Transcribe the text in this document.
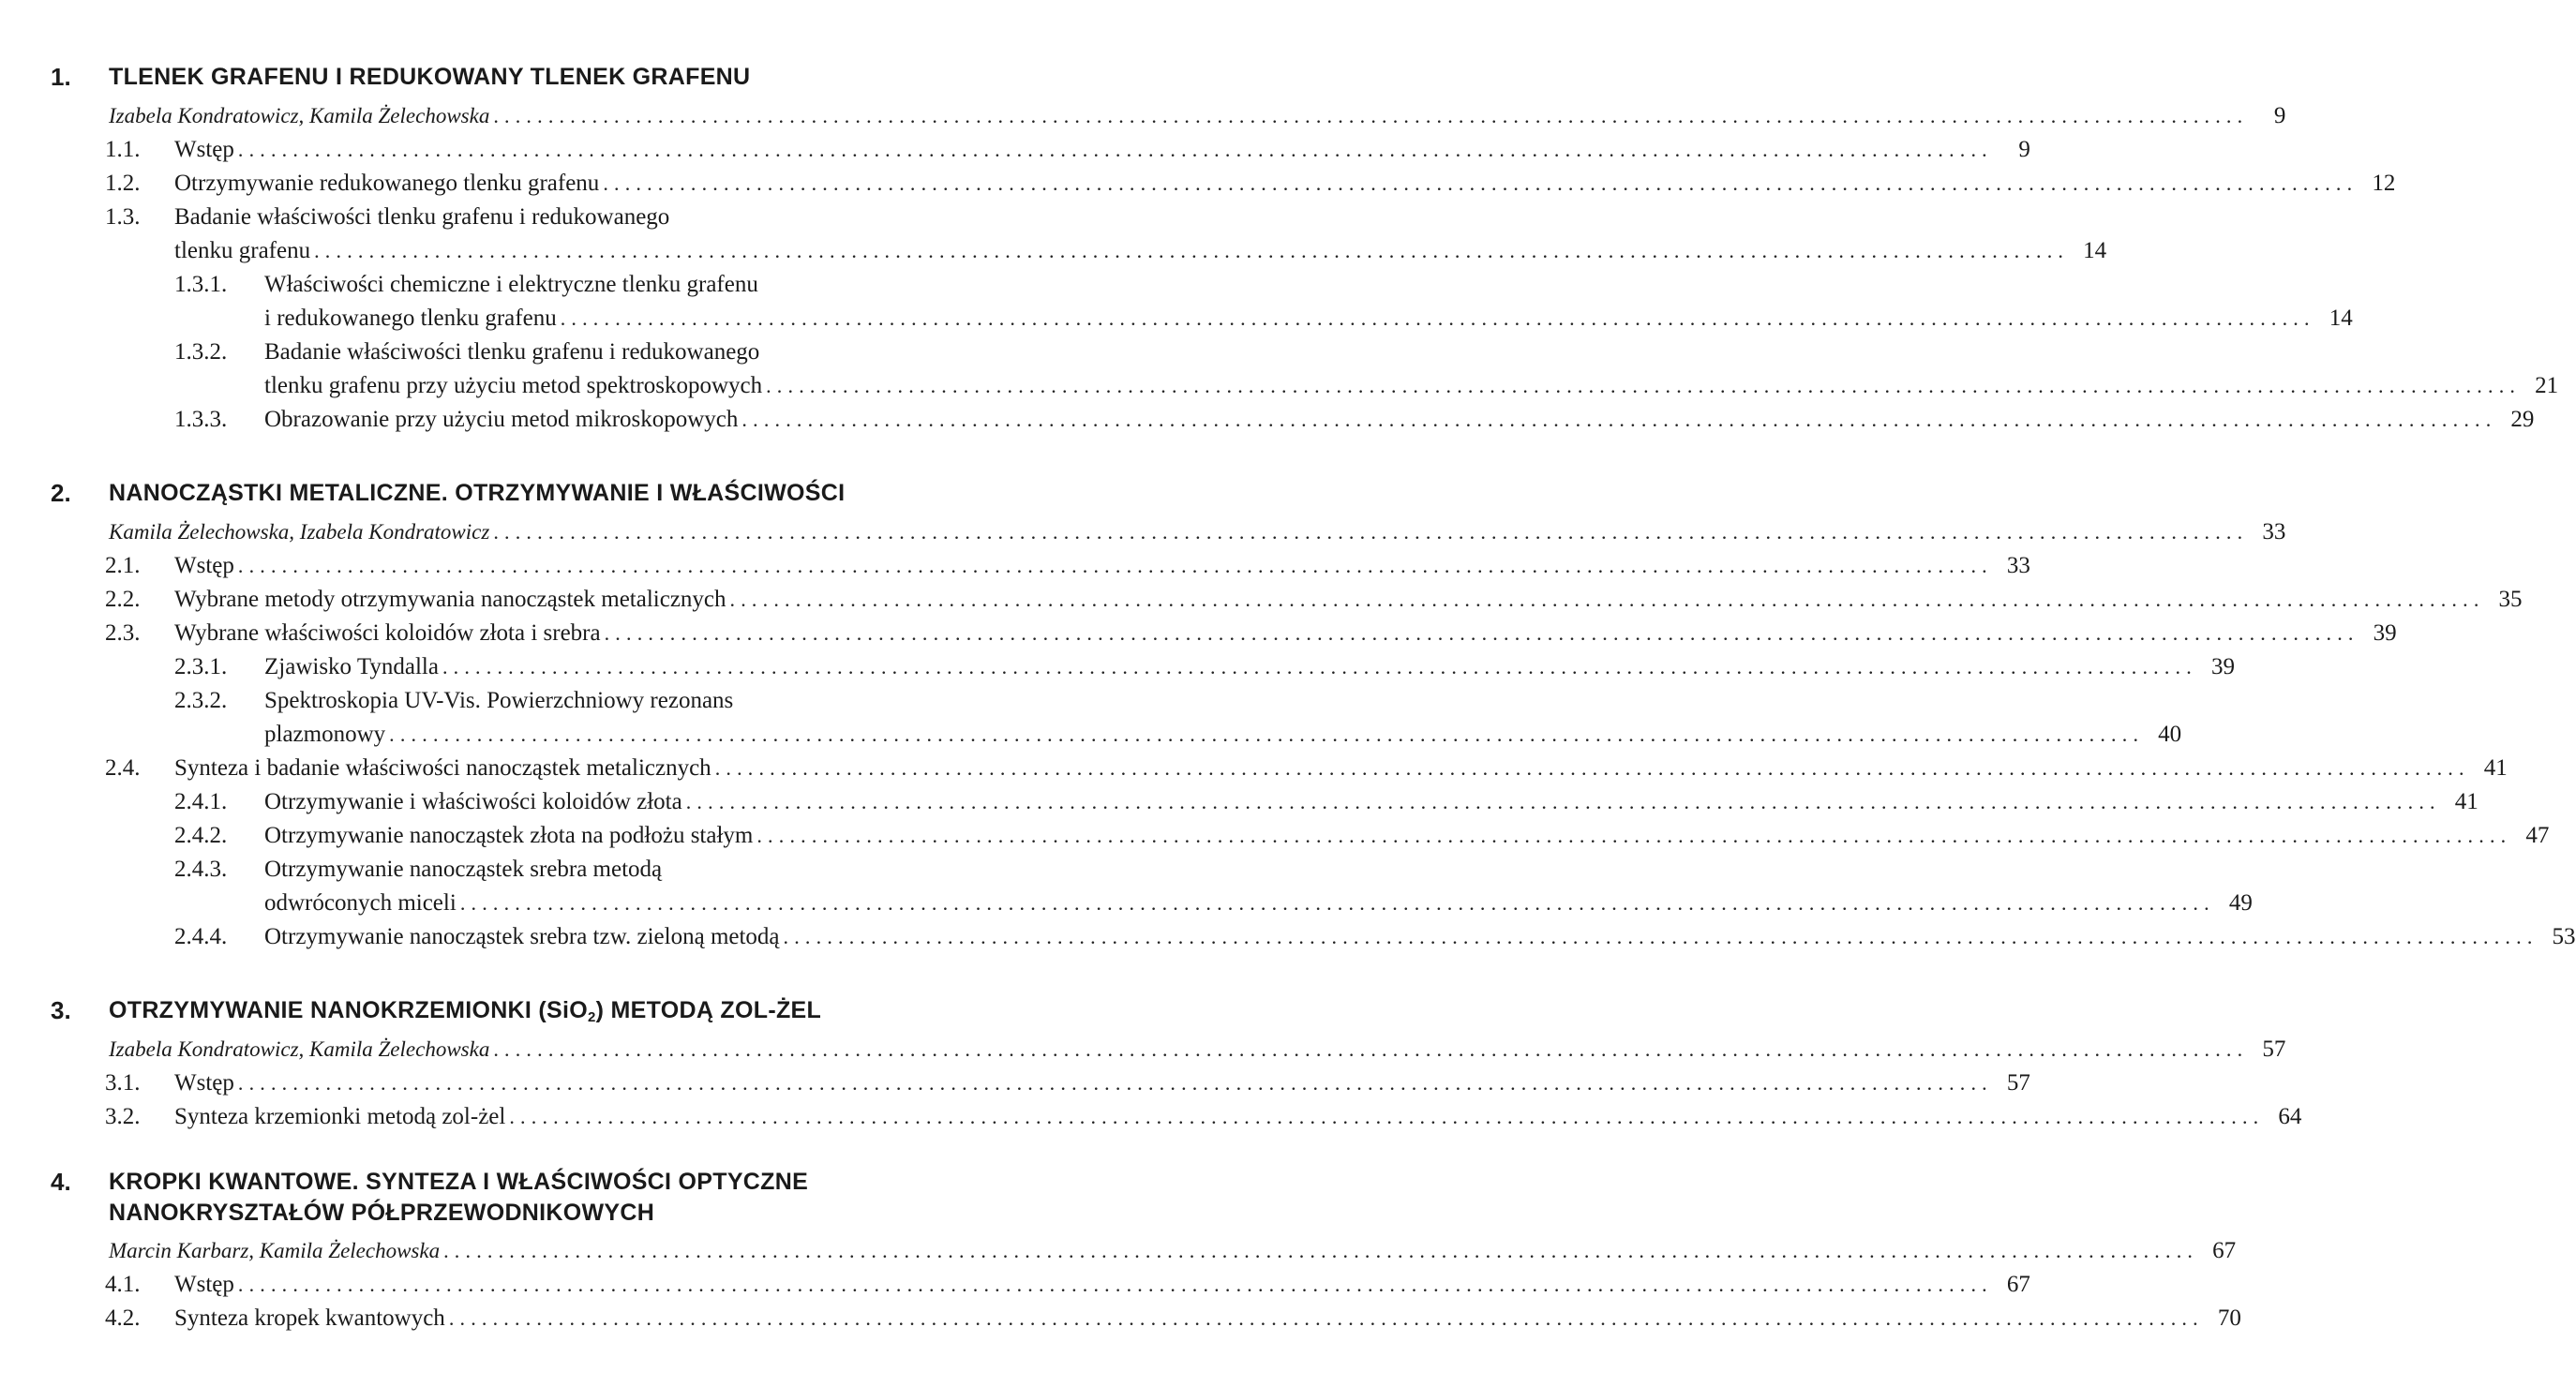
1. TLENEK GRAFENU I REDUKOWANY TLENEK GRAFENU
Izabela Kondratowicz, Kamila Żelechowska ................................................................................................................................................................	9
1.1. Wstęp ................................................................................................................................................................	9
1.2. Otrzymywanie redukowanego tlenku grafenu ................................................................................................................................................................ 12
1.3. Badanie właściwości tlenku grafenu i redukowanego
tlenku grafenu ................................................................................................................................................................ 14
1.3.1. Właściwości chemiczne i elektryczne tlenku grafenu
i redukowanego tlenku grafenu ................................................................................................................................................................ 14
1.3.2. Badanie właściwości tlenku grafenu i redukowanego
tlenku grafenu przy użyciu metod spektroskopowych ................................................................................................................................................................ 21
1.3.3. Obrazowanie przy użyciu metod mikroskopowych ................................................................................................................................................................ 29
2. NANOCZĄSTKI METALICZNE. OTRZYMYWANIE I WŁAŚCIWOŚCI
Kamila Żelechowska, Izabela Kondratowicz ................................................................................................................................................................ 33
2.1. Wstęp ................................................................................................................................................................ 33
2.2. Wybrane metody otrzymywania nanocząstek metalicznych ................................................................................................................................................................ 35
2.3. Wybrane właściwości koloidów złota i srebra ................................................................................................................................................................ 39
2.3.1. Zjawisko Tyndalla ................................................................................................................................................................ 39
2.3.2. Spektroskopia UV-Vis. Powierzchniowy rezonans
plazmonowy ................................................................................................................................................................ 40
2.4. Synteza i badanie właściwości nanocząstek metalicznych ................................................................................................................................................................ 41
2.4.1. Otrzymywanie i właściwości koloidów złota ................................................................................................................................................................ 41
2.4.2. Otrzymywanie nanocząstek złota na podłożu stałym ................................................................................................................................................................ 47
2.4.3. Otrzymywanie nanocząstek srebra metodą
odwróconych miceli ................................................................................................................................................................ 49
2.4.4. Otrzymywanie nanocząstek srebra tzw. zieloną metodą ................................................................................................................................................................ 53
3. OTRZYMYWANIE NANOKRZEMIONKI (SiO$_2$) METODĄ ZOL-ŻEL
Izabela Kondratowicz, Kamila Żelechowska ................................................................................................................................................................ 57
3.1. Wstęp ................................................................................................................................................................ 57
3.2. Synteza krzemionki metodą zol-żel ................................................................................................................................................................ 64
4. KROPKI KWANTOWE. SYNTEZA I WŁAŚCIWOŚCI OPTYCZNE NANOKRYSZTAŁÓW PÓŁPRZEWODNIKOWYCH
Marcin Karbarz, Kamila Żelechowska ................................................................................................................................................................ 67
4.1. Wstęp ................................................................................................................................................................ 67
4.2. Synteza kropek kwantowych ................................................................................................................................................................ 70
